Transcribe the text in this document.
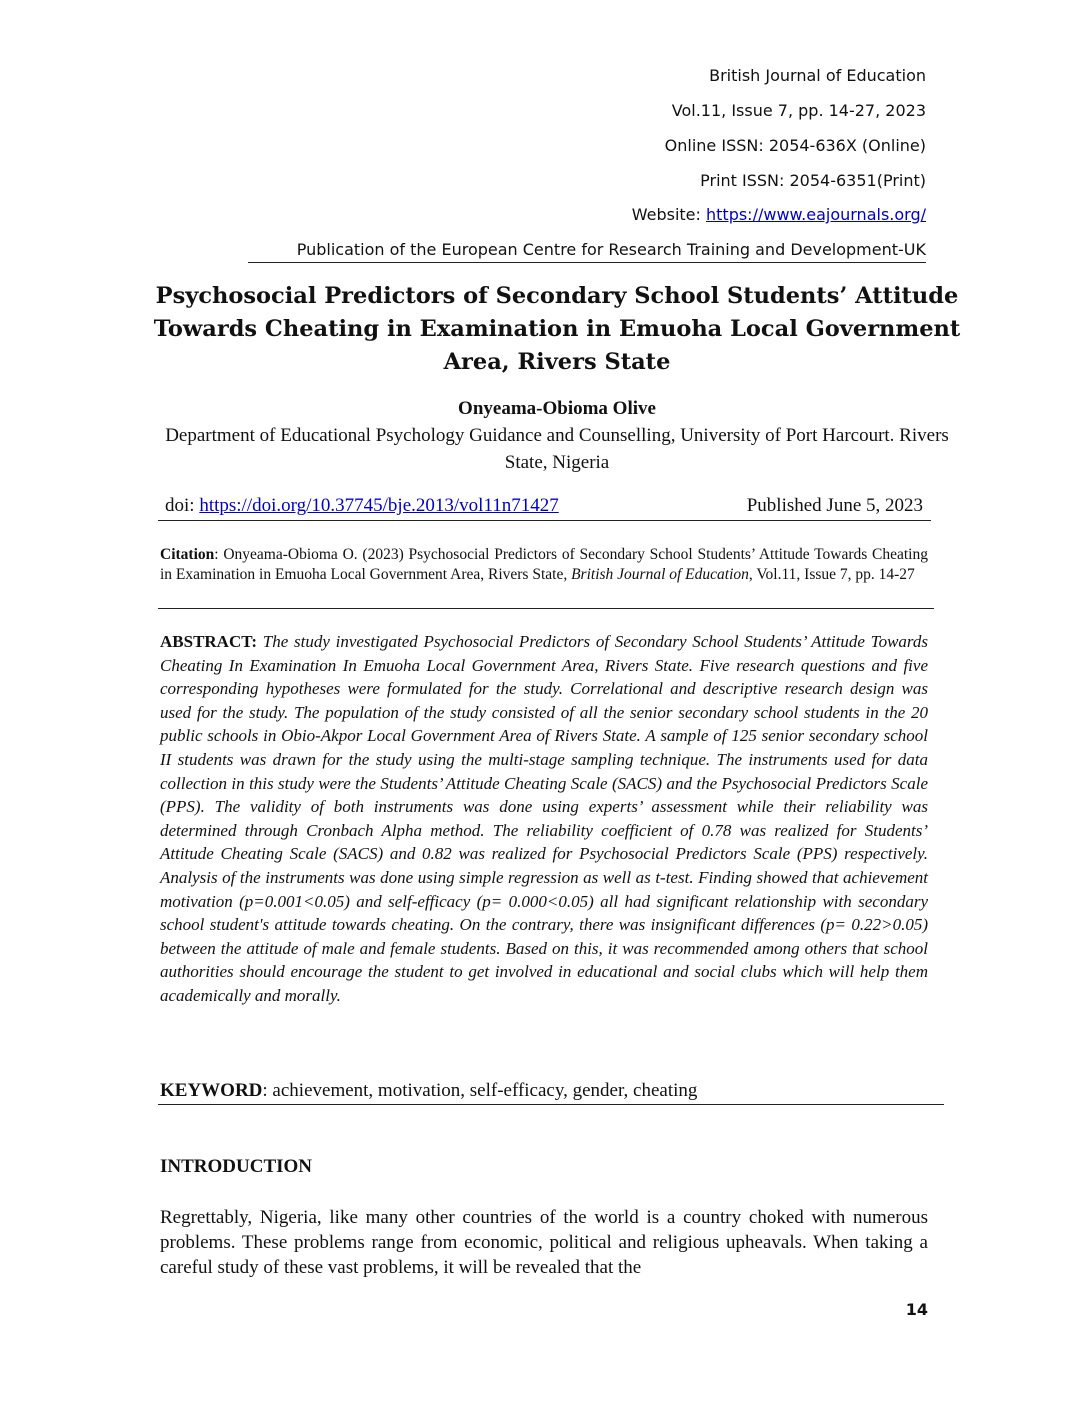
British Journal of Education
Vol.11, Issue 7, pp. 14-27, 2023
Online ISSN: 2054-636X (Online)
Print ISSN: 2054-6351(Print)
Website: https://www.eajournals.org/
Publication of the European Centre for Research Training and Development-UK
Psychosocial Predictors of Secondary School Students’ Attitude Towards Cheating in Examination in Emuoha Local Government Area, Rivers State
Onyeama-Obioma Olive
Department of Educational Psychology Guidance and Counselling, University of Port Harcourt. Rivers State, Nigeria
doi: https://doi.org/10.37745/bje.2013/vol11n71427	Published June 5, 2023
Citation: Onyeama-Obioma O. (2023) Psychosocial Predictors of Secondary School Students’ Attitude Towards Cheating in Examination in Emuoha Local Government Area, Rivers State, British Journal of Education, Vol.11, Issue 7, pp. 14-27
ABSTRACT: The study investigated Psychosocial Predictors of Secondary School Students’ Attitude Towards Cheating In Examination In Emuoha Local Government Area, Rivers State. Five research questions and five corresponding hypotheses were formulated for the study. Correlational and descriptive research design was used for the study. The population of the study consisted of all the senior secondary school students in the 20 public schools in Obio-Akpor Local Government Area of Rivers State. A sample of 125 senior secondary school II students was drawn for the study using the multi-stage sampling technique. The instruments used for data collection in this study were the Students’ Attitude Cheating Scale (SACS) and the Psychosocial Predictors Scale (PPS). The validity of both instruments was done using experts’ assessment while their reliability was determined through Cronbach Alpha method. The reliability coefficient of 0.78 was realized for Students’ Attitude Cheating Scale (SACS) and 0.82 was realized for Psychosocial Predictors Scale (PPS) respectively. Analysis of the instruments was done using simple regression as well as t-test. Finding showed that achievement motivation (p=0.001<0.05) and self-efficacy (p= 0.000<0.05) all had significant relationship with secondary school student's attitude towards cheating. On the contrary, there was insignificant differences (p= 0.22>0.05) between the attitude of male and female students. Based on this, it was recommended among others that school authorities should encourage the student to get involved in educational and social clubs which will help them academically and morally.
KEYWORD: achievement, motivation, self-efficacy, gender, cheating
INTRODUCTION
Regrettably, Nigeria, like many other countries of the world is a country choked with numerous problems. These problems range from economic, political and religious upheavals. When taking a careful study of these vast problems, it will be revealed that the
14
